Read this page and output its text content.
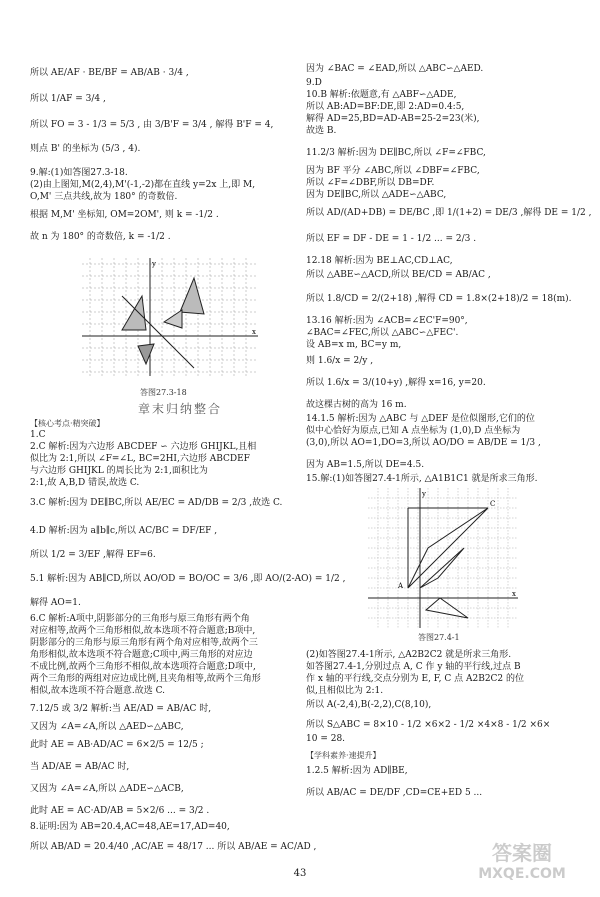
所以 AE/AF · BE/BF = AB/AB · 3/4 ,
所以 1/AF = 3/4 ,
所以 FO = 3 - 1/3 = 5/3 , 由 3/B'F = 3/4 , 解得 B'F = 4,
则点 B' 的坐标为 (5/3 , 4).
9.解:(1)如答图27.3-18.
(2)由上图知,M(2,4),M'(-1,-2)都在直线 y=2x 上,即 M,
O,M' 三点共线,故为 180° 的奇数倍.
根据 M,M' 坐标知, OM=2OM', 则 k = -1/2 .
故 n 为 180° 的奇数倍, k = -1/2 .
x
y
答图27.3-18
章末归纳整合
【核心考点·精突破】
1.C
2.C 解析:因为六边形 ABCDEF ∽ 六边形 GHIJKL,且相
似比为 2:1,所以 ∠F=∠L, BC=2HI,六边形 ABCDEF
与六边形 GHIJKL 的周长比为 2:1,面积比为
2:1,故 A,B,D 错误,故选 C.
3.C 解析:因为 DE∥BC,所以 AE/EC = AD/DB = 2/3 ,故选 C.
4.D 解析:因为 a∥b∥c,所以 AC/BC = DF/EF ,
所以 1/2 = 3/EF ,解得 EF=6.
5.1 解析:因为 AB∥CD,所以 AO/OD = BO/OC = 3/6 ,即 AO/(2-AO) = 1/2 ,
解得 AO=1.
6.C 解析:A项中,阴影部分的三角形与原三角形有两个角
对应相等,故两个三角形相似,故本选项不符合题意;B项中,
阴影部分的三角形与原三角形有两个角对应相等,故两个三
角形相似,故本选项不符合题意;C项中,两三角形的对应边
不成比例,故两个三角形不相似,故本选项符合题意;D项中,
两个三角形的两组对应边成比例,且夹角相等,故两个三角形
相似,故本选项不符合题意.故选 C.
7.12/5 或 3/2 解析:当 AE/AD = AB/AC 时,
又因为 ∠A=∠A,所以 △AED∽△ABC,
此时 AE = AB·AD/AC = 6×2/5 = 12/5 ;
当 AD/AE = AB/AC 时,
又因为 ∠A=∠A,所以 △ADE∽△ACB,
此时 AE = AC·AD/AB = 5×2/6 ... = 3/2 .
8.证明:因为 AB=20.4,AC=48,AE=17,AD=40,
所以 AB/AD = 20.4/40 ,AC/AE = 48/17 ... 所以 AB/AE = AC/AD ,
因为 ∠BAC = ∠EAD,所以 △ABC∽△AED.
9.D
10.B 解析:依题意,有 △ABF∽△ADE,
所以 AB:AD=BF:DE,即 2:AD=0.4:5,
解得 AD=25,BD=AD-AB=25-2=23(米),
故选 B.
11.2/3 解析:因为 DE∥BC,所以 ∠F=∠FBC,
因为 BF 平分 ∠ABC,所以 ∠DBF=∠FBC,
所以 ∠F=∠DBF,所以 DB=DF.
因为 DE∥BC,所以 △ADE∽△ABC,
所以 AD/(AD+DB) = DE/BC ,即 1/(1+2) = DE/3 ,解得 DE = 1/2 ,
所以 EF = DF - DE = 1 - 1/2 ... = 2/3 .
12.18 解析:因为 BE⊥AC,CD⊥AC,
所以 △ABE∽△ACD,所以 BE/CD = AB/AC ,
所以 1.8/CD = 2/(2+18) ,解得 CD = 1.8×(2+18)/2 = 18(m).
13.16 解析:因为 ∠ACB=∠EC'F=90°,
∠BAC=∠FEC,所以 △ABC∽△FEC'.
设 AB=x m, BC=y m,
则 1.6/x = 2/y ,
所以 1.6/x = 3/(10+y) ,解得 x=16, y=20.
故这棵古树的高为 16 m.
14.1.5 解析:因为 △ABC 与 △DEF 是位似图形,它们的位
似中心恰好为原点,已知 A 点坐标为 (1,0),D 点坐标为
(3,0),所以 AO=1,DO=3,所以 AO/DO = AB/DE = 1/3 ,
因为 AB=1.5,所以 DE=4.5.
15.解:(1)如答图27.4-1所示, △A1B1C1 就是所求三角形.
C
A
x
y
答图27.4-1
(2)如答图27.4-1所示, △A2B2C2 就是所求三角形.
如答图27.4-1,分别过点 A, C 作 y 轴的平行线,过点 B
作 x 轴的平行线,交点分别为 E, F, C 点 A2B2C2 的位
似,且相似比为 2:1.
所以 A(-2,4),B(-2,2),C(8,10),
所以 S△ABC = 8×10 - 1/2 ×6×2 - 1/2 ×4×8 - 1/2 ×6×
10 = 28.
【学科素养·速提升】
1.2.5 解析:因为 AD∥BE,
所以 AB/AC = DE/DF ,CD=CE+ED 5 ...
43
答案圈
MXQE.COM
